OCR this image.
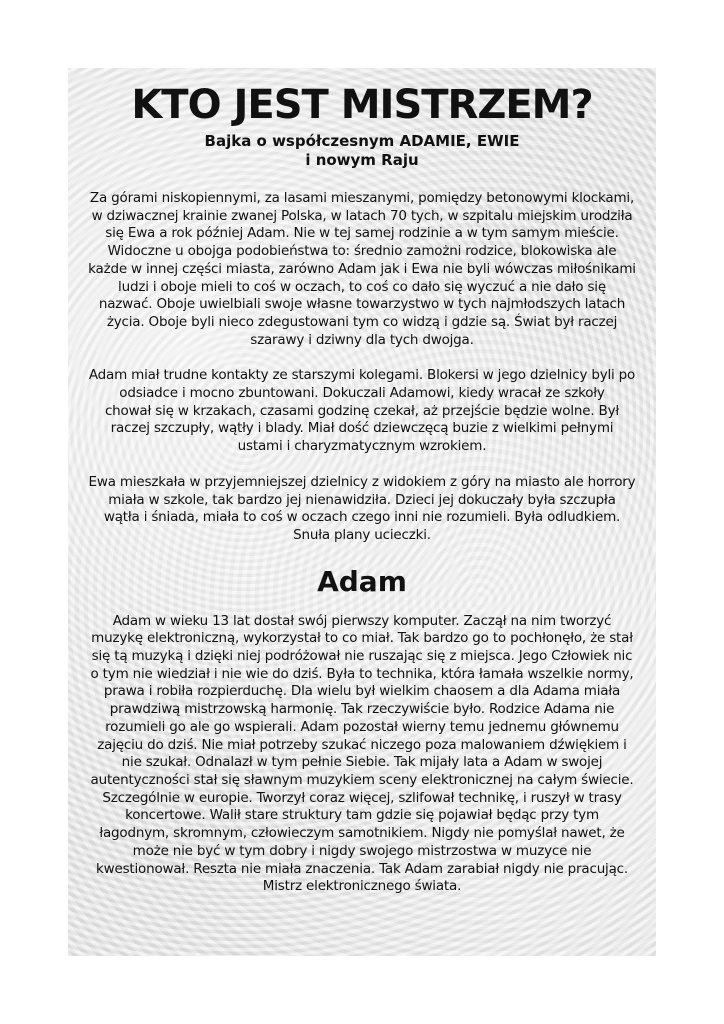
KTO JEST MISTRZEM?
Bajka o współczesnym ADAMIE, EWIE
i nowym Raju

Za górami niskopiennymi, za lasami mieszanymi, pomiędzy betonowymi klockami,
w dziwacznej krainie zwanej Polska, w latach 70 tych, w szpitalu miejskim urodziła
się Ewa a rok później Adam. Nie w tej samej rodzinie a w tym samym mieście.
Widoczne u obojga podobieństwa to: średnio zamożni rodzice, blokowiska ale
każde w innej części miasta, zarówno Adam jak i Ewa nie byli wówczas miłośnikami
ludzi i oboje mieli to coś w oczach, to coś co dało się wyczuć a nie dało się
nazwać. Oboje uwielbiali swoje własne towarzystwo w tych najmłodszych latach
życia. Oboje byli nieco zdegustowani tym co widzą i gdzie są. Świat był raczej
szarawy i dziwny dla tych dwojga.

Adam miał trudne kontakty ze starszymi kolegami. Blokersi w jego dzielnicy byli po
odsiadce i mocno zbuntowani. Dokuczali Adamowi, kiedy wracał ze szkoły
chował się w krzakach, czasami godzinę czekał, aż przejście będzie wolne. Był
raczej szczupły, wątły i blady. Miał dość dziewczęcą buzie z wielkimi pełnymi
ustami i charyzmatycznym wzrokiem.

Ewa mieszkała w przyjemniejszej dzielnicy z widokiem z góry na miasto ale horrory
miała w szkole, tak bardzo jej nienawidziła. Dzieci jej dokuczały była szczupła
wątła i śniada, miała to coś w oczach czego inni nie rozumieli. Była odludkiem.
Snuła plany ucieczki.

Adam

Adam w wieku 13 lat dostał swój pierwszy komputer. Zaczął na nim tworzyć
muzykę elektroniczną, wykorzystał to co miał. Tak bardzo go to pochłonęło, że stał
się tą muzyką i dzięki niej podróżował nie ruszając się z miejsca. Jego Człowiek nic
o tym nie wiedział i nie wie do dziś. Była to technika, która łamała wszelkie normy,
prawa i robiła rozpierduchę. Dla wielu był wielkim chaosem a dla Adama miała
prawdziwą mistrzowską harmonię. Tak rzeczywiście było. Rodzice Adama nie
rozumieli go ale go wspierali. Adam pozostał wierny temu jednemu głównemu
zajęciu do dziś. Nie miał potrzeby szukać niczego poza malowaniem dźwiękiem i
nie szukał. Odnalazł w tym pełnie Siebie. Tak mijały lata a Adam w swojej
autentyczności stał się sławnym muzykiem sceny elektronicznej na całym świecie.
Szczególnie w europie. Tworzył coraz więcej, szlifował technikę, i ruszył w trasy
koncertowe. Walił stare struktury tam gdzie się pojawiał będąc przy tym
łagodnym, skromnym, człowieczym samotnikiem. Nigdy nie pomyślał nawet, że
może nie być w tym dobry i nigdy swojego mistrzostwa w muzyce nie
kwestionował. Reszta nie miała znaczenia. Tak Adam zarabiał nigdy nie pracując.
Mistrz elektronicznego świata.
